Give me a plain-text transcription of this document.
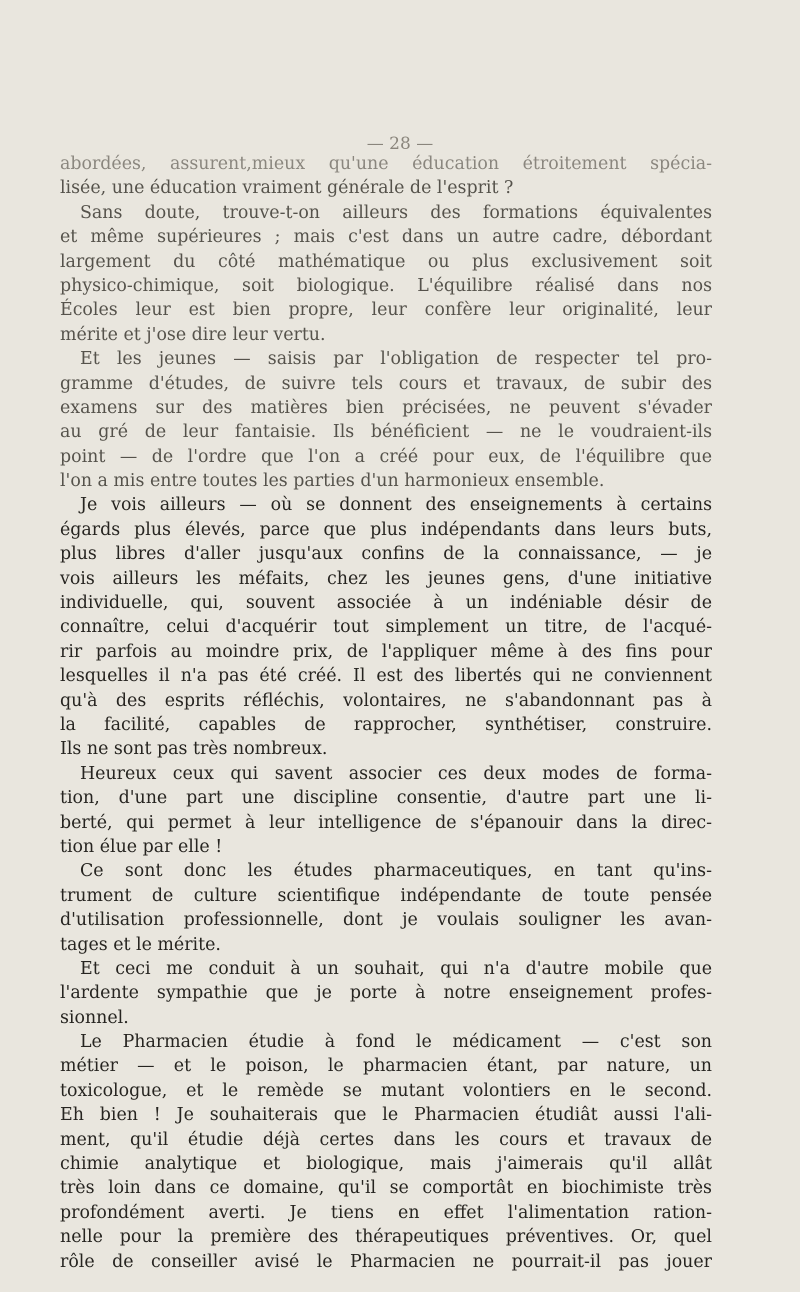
— 28 —
abordées, assurent,mieux qu'une éducation étroitement spécia-
lisée, une éducation vraiment générale de l'esprit ?
Sans doute, trouve-t-on ailleurs des formations équivalentes
et même supérieures ; mais c'est dans un autre cadre, débordant
largement du côté mathématique ou plus exclusivement soit
physico-chimique, soit biologique. L'équilibre réalisé dans nos
Écoles leur est bien propre, leur confère leur originalité, leur
mérite et j'ose dire leur vertu.
Et les jeunes — saisis par l'obligation de respecter tel pro-
gramme d'études, de suivre tels cours et travaux, de subir des
examens sur des matières bien précisées, ne peuvent s'évader
au gré de leur fantaisie. Ils bénéficient — ne le voudraient-ils
point — de l'ordre que l'on a créé pour eux, de l'équilibre que
l'on a mis entre toutes les parties d'un harmonieux ensemble.
Je vois ailleurs — où se donnent des enseignements à certains
égards plus élevés, parce que plus indépendants dans leurs buts,
plus libres d'aller jusqu'aux confins de la connaissance, — je
vois ailleurs les méfaits, chez les jeunes gens, d'une initiative
individuelle, qui, souvent associée à un indéniable désir de
connaître, celui d'acquérir tout simplement un titre, de l'acqué-
rir parfois au moindre prix, de l'appliquer même à des fins pour
lesquelles il n'a pas été créé. Il est des libertés qui ne conviennent
qu'à des esprits réfléchis, volontaires, ne s'abandonnant pas à
la facilité, capables de rapprocher, synthétiser, construire.
Ils ne sont pas très nombreux.
Heureux ceux qui savent associer ces deux modes de forma-
tion, d'une part une discipline consentie, d'autre part une li-
berté, qui permet à leur intelligence de s'épanouir dans la direc-
tion élue par elle !
Ce sont donc les études pharmaceutiques, en tant qu'ins-
trument de culture scientifique indépendante de toute pensée
d'utilisation professionnelle, dont je voulais souligner les avan-
tages et le mérite.
Et ceci me conduit à un souhait, qui n'a d'autre mobile que
l'ardente sympathie que je porte à notre enseignement profes-
sionnel.
Le Pharmacien étudie à fond le médicament — c'est son
métier — et le poison, le pharmacien étant, par nature, un
toxicologue, et le remède se mutant volontiers en le second.
Eh bien ! Je souhaiterais que le Pharmacien étudiât aussi l'ali-
ment, qu'il étudie déjà certes dans les cours et travaux de
chimie analytique et biologique, mais j'aimerais qu'il allât
très loin dans ce domaine, qu'il se comportât en biochimiste très
profondément averti. Je tiens en effet l'alimentation ration-
nelle pour la première des thérapeutiques préventives. Or, quel
rôle de conseiller avisé le Pharmacien ne pourrait-il pas jouer
